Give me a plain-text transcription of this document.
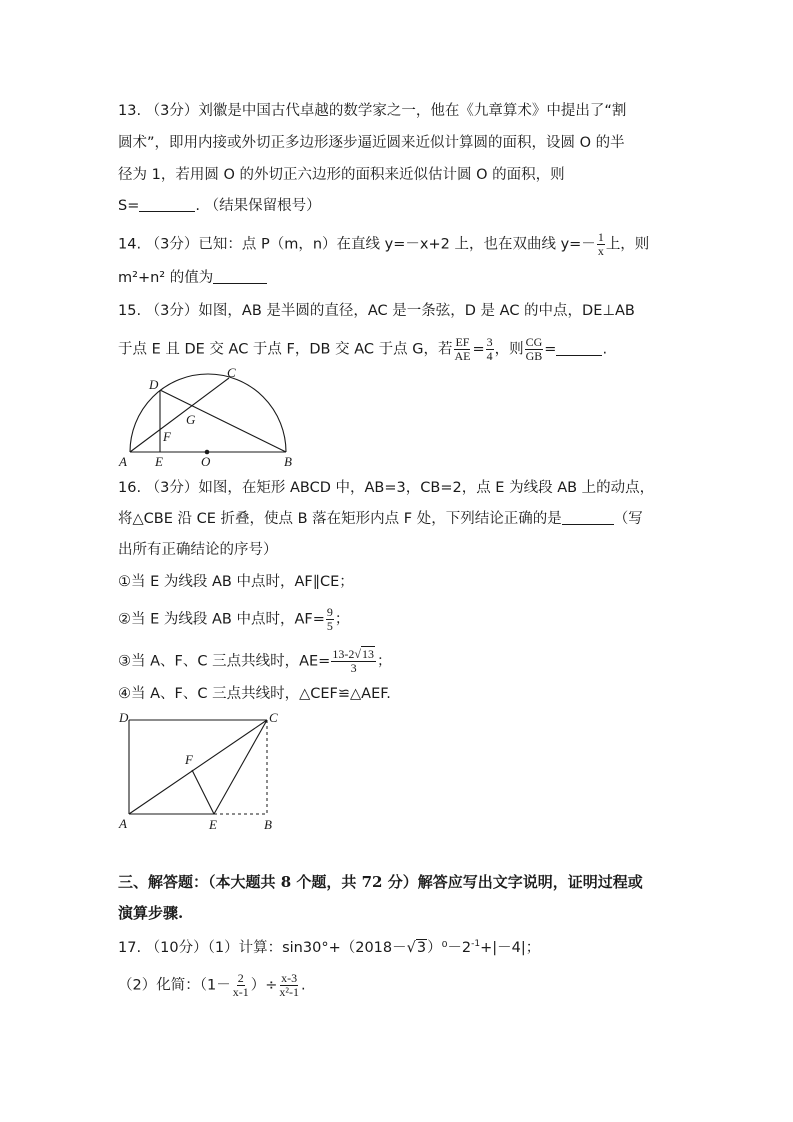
13. （3分）刘徽是中国古代卓越的数学家之一，他在《九章算术》中提出了“割
圆术”，即用内接或外切正多边形逐步逼近圆来近似计算圆的面积，设圆 O 的半
径为 1，若用圆 O 的外切正六边形的面积来近似估计圆 O 的面积，则
S=	. （结果保留根号）
14. （3分）已知：点 P（m，n）在直线 y=－x+2 上，也在双曲线 $y=- \frac{1}{x}$ 上，则
m²+n² 的值为
15. （3分）如图，AB 是半圆的直径，AC 是一条弦，D 是 AC 的中点，DE⊥AB
于点 E 且 DE 交 AC 于点 F，DB 交 AC 于点 G，若 $\frac{EF}{AE} = \frac{3}{4}$ ，则 $\frac{CG}{GB}$ =	.
A E	O	B
D
C
G
F
16. （3分）如图，在矩形 ABCD 中，AB=3，CB=2，点 E 为线段 AB 上的动点，
将△CBE 沿 CE 折叠，使点 B 落在矩形内点 F 处，下列结论正确的是	（写
出所有正确结论的序号）
①当 E 为线段 AB 中点时，AF∥CE；
②当 E 为线段 AB 中点时，$AF= \frac{9}{5}$ ；
③当 A、F、C 三点共线时，$AE= \frac{13-2√13}{3}$ ；
④当 A、F、C 三点共线时，△CEF≌△AEF.
D	C
F
A	E	B
三、解答题：（本大题共 8 个题，共 72 分）解答应写出文字说明，证明过程或
演算步骤.
17. （10分）（1）计算：$\sin 30^\circ+(2018-√3)^0-2^{-1}+|-4|$；
（2）化简：（$1- \frac{2}{x-1}$ ）÷ $\frac{x-3}{\text{x²-1}}$ .
